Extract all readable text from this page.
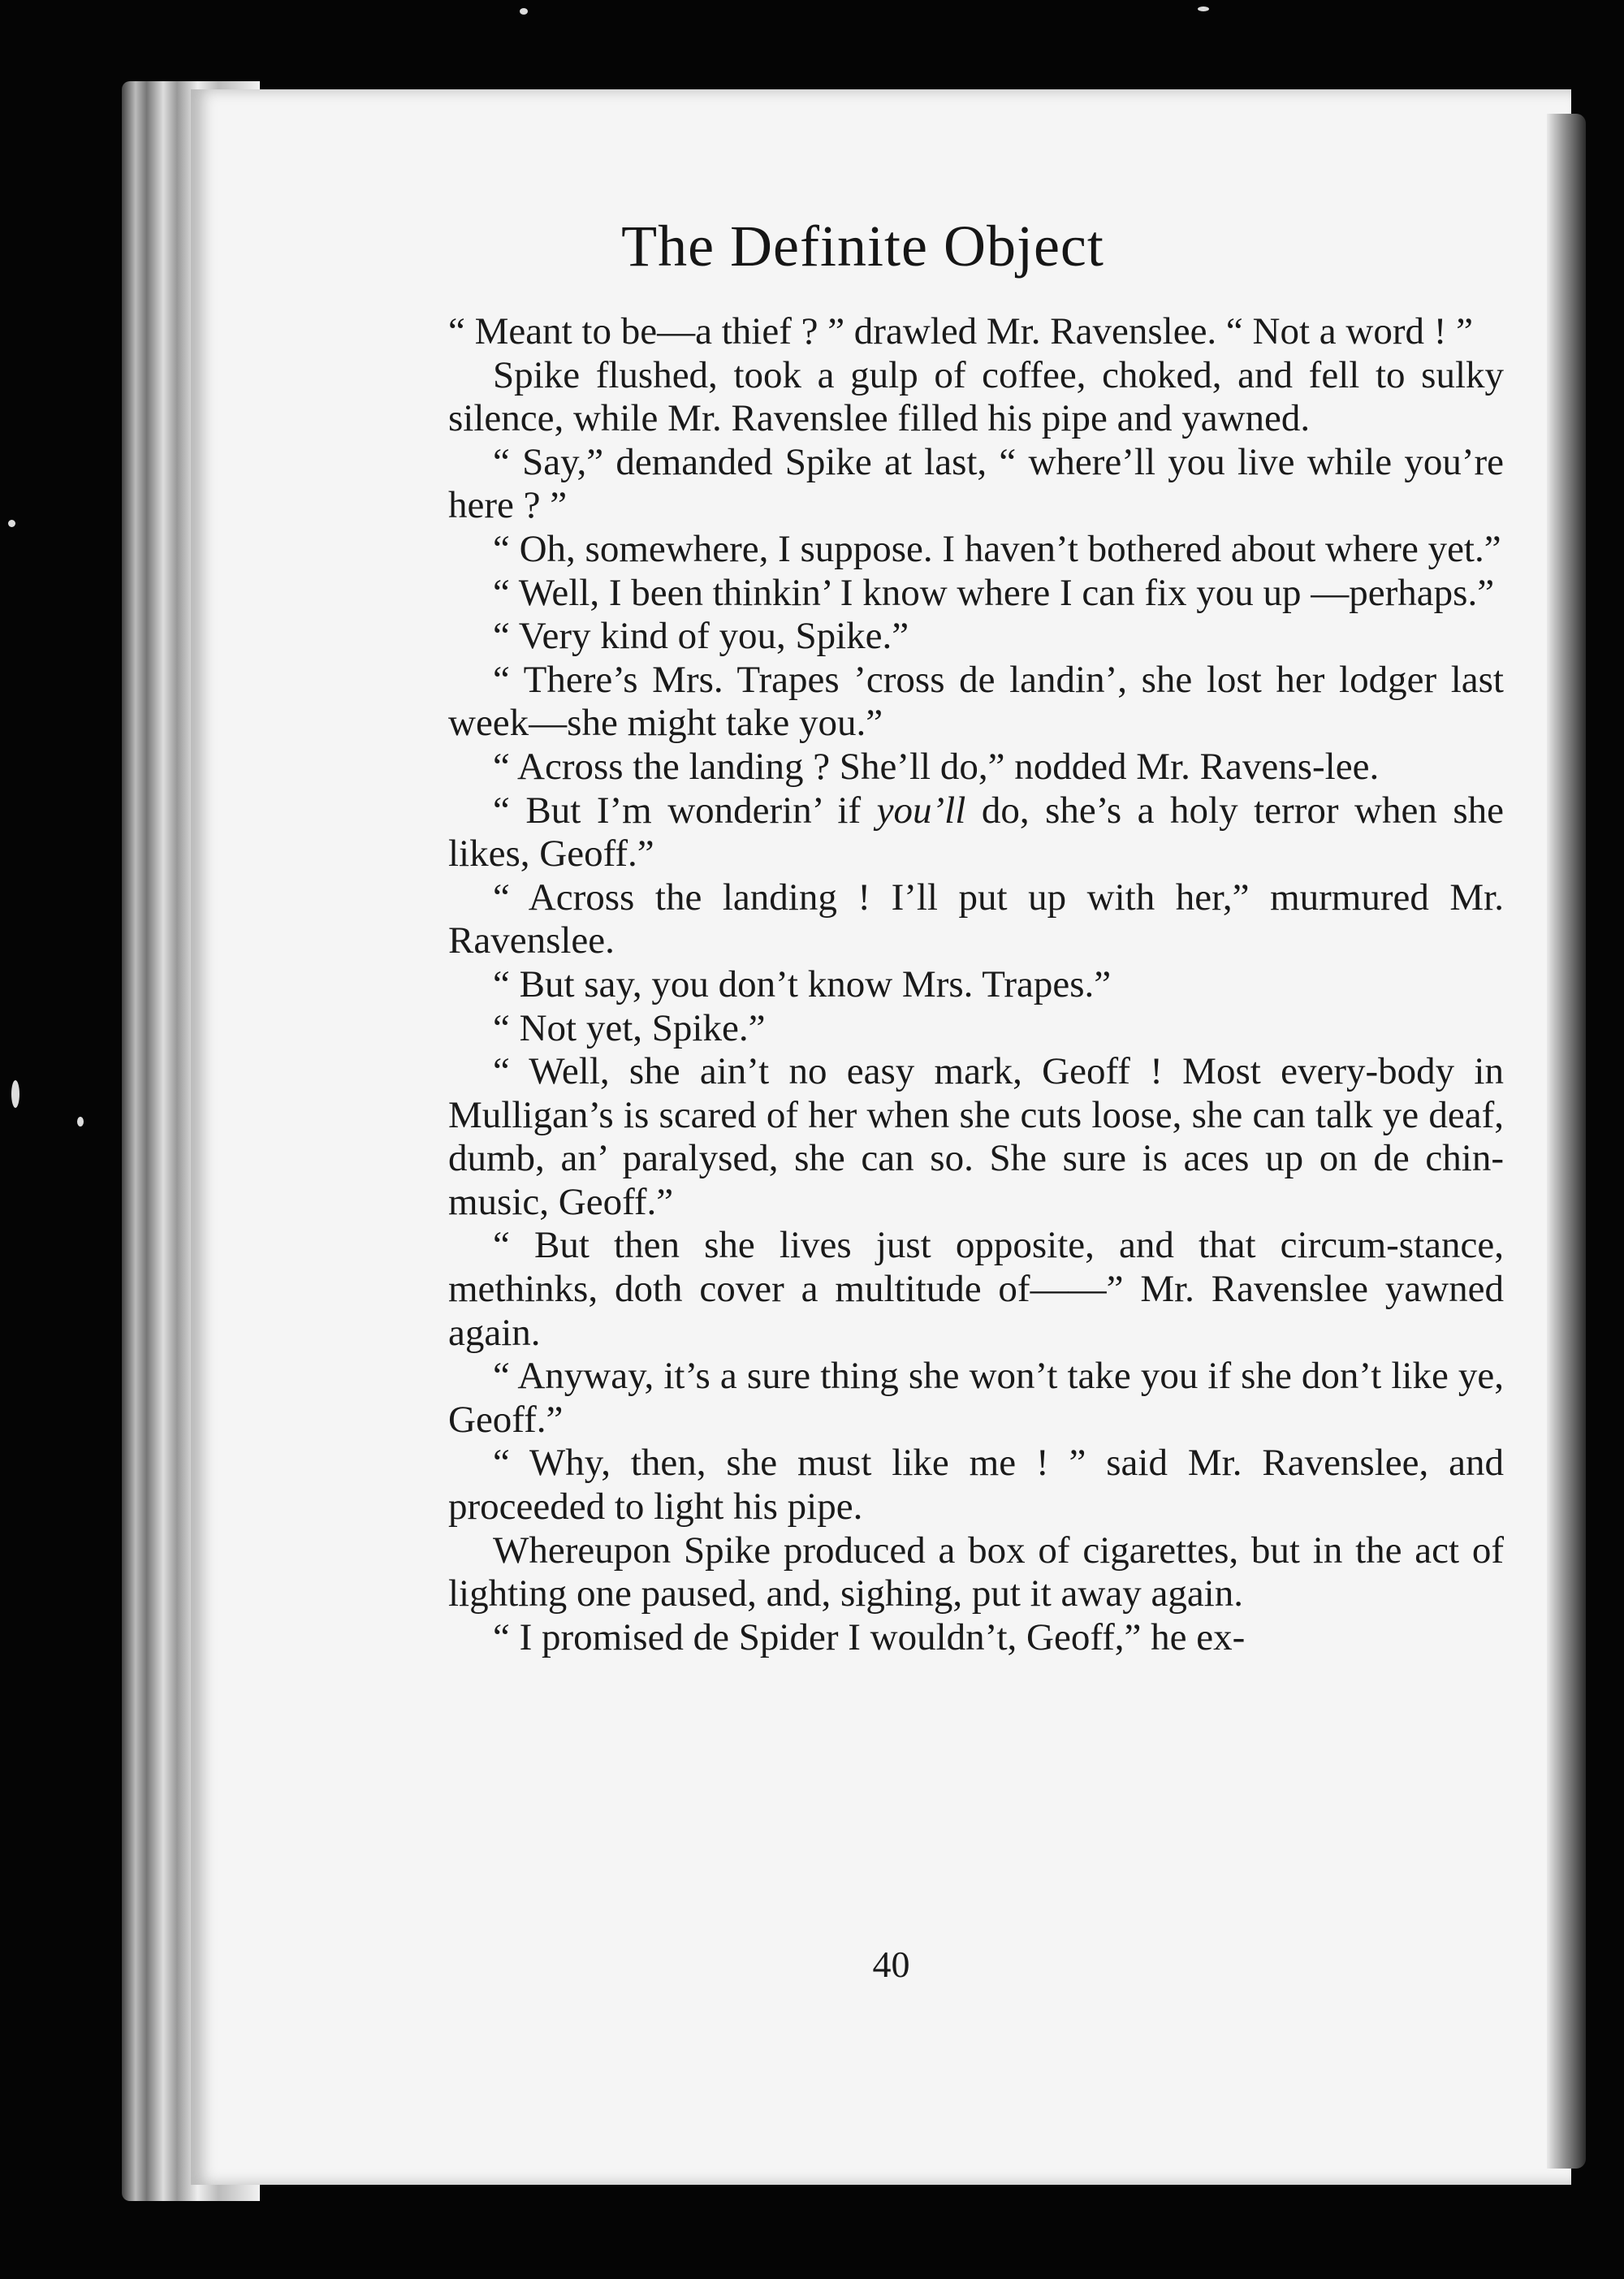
The Definite Object

“ Meant to be—a thief ? ” drawled Mr. Ravenslee. “ Not a word ! ”

Spike flushed, took a gulp of coffee, choked, and fell to sulky silence, while Mr. Ravenslee filled his pipe and yawned.

“ Say,” demanded Spike at last, “ where’ll you live while you’re here ? ”

“ Oh, somewhere, I suppose. I haven’t bothered about where yet.”

“ Well, I been thinkin’ I know where I can fix you up —perhaps.”

“ Very kind of you, Spike.”

“ There’s Mrs. Trapes ’cross de landin’, she lost her lodger last week—she might take you.”

“ Across the landing ? She’ll do,” nodded Mr. Ravens-lee.

“ But I’m wonderin’ if you’ll do, she’s a holy terror when she likes, Geoff.”

“ Across the landing ! I’ll put up with her,” murmured Mr. Ravenslee.

“ But say, you don’t know Mrs. Trapes.”

“ Not yet, Spike.”

“ Well, she ain’t no easy mark, Geoff ! Most every-body in Mulligan’s is scared of her when she cuts loose, she can talk ye deaf, dumb, an’ paralysed, she can so. She sure is aces up on de chin-music, Geoff.”

“ But then she lives just opposite, and that circum-stance, methinks, doth cover a multitude of——” Mr. Ravenslee yawned again.

“ Anyway, it’s a sure thing she won’t take you if she don’t like ye, Geoff.”

“ Why, then, she must like me ! ” said Mr. Ravenslee, and proceeded to light his pipe.

Whereupon Spike produced a box of cigarettes, but in the act of lighting one paused, and, sighing, put it away again.

“ I promised de Spider I wouldn’t, Geoff,” he ex-

40
